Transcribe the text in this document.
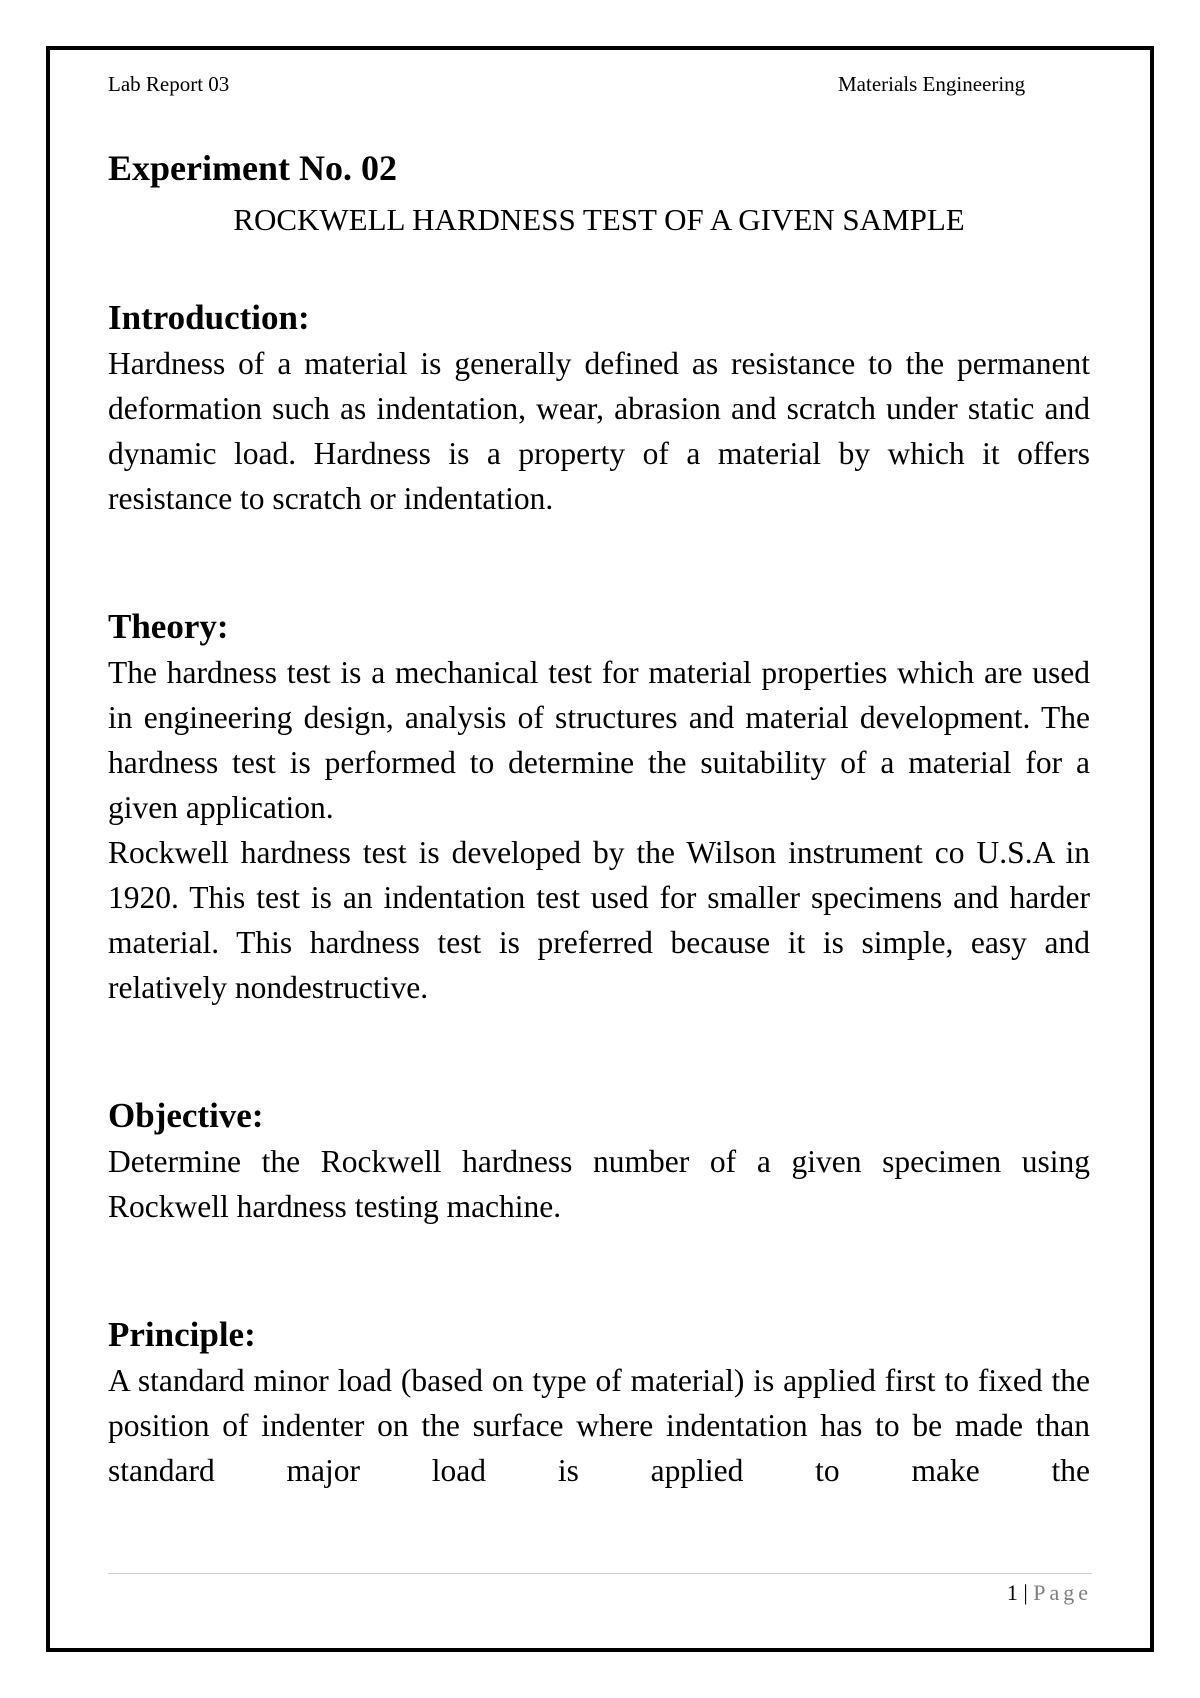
Lab Report 03	Materials Engineering
Experiment No. 02

ROCKWELL HARDNESS TEST OF A GIVEN SAMPLE

Introduction:

Hardness of a material is generally defined as resistance to the permanent deformation such as indentation, wear, abrasion and scratch under static and dynamic load. Hardness is a property of a material by which it offers resistance to scratch or indentation.

Theory:

The hardness test is a mechanical test for material properties which are used in engineering design, analysis of structures and material development. The hardness test is performed to determine the suitability of a material for a given application.

Rockwell hardness test is developed by the Wilson instrument co U.S.A in 1920. This test is an indentation test used for smaller specimens and harder material. This hardness test is preferred because it is simple, easy and relatively nondestructive.

Objective:

Determine the Rockwell hardness number of a given specimen using Rockwell hardness testing machine.

Principle:

A standard minor load (based on type of material) is applied first to fixed the position of indenter on the surface where indentation has to be made than standard major load is applied to make the

1 | Page
